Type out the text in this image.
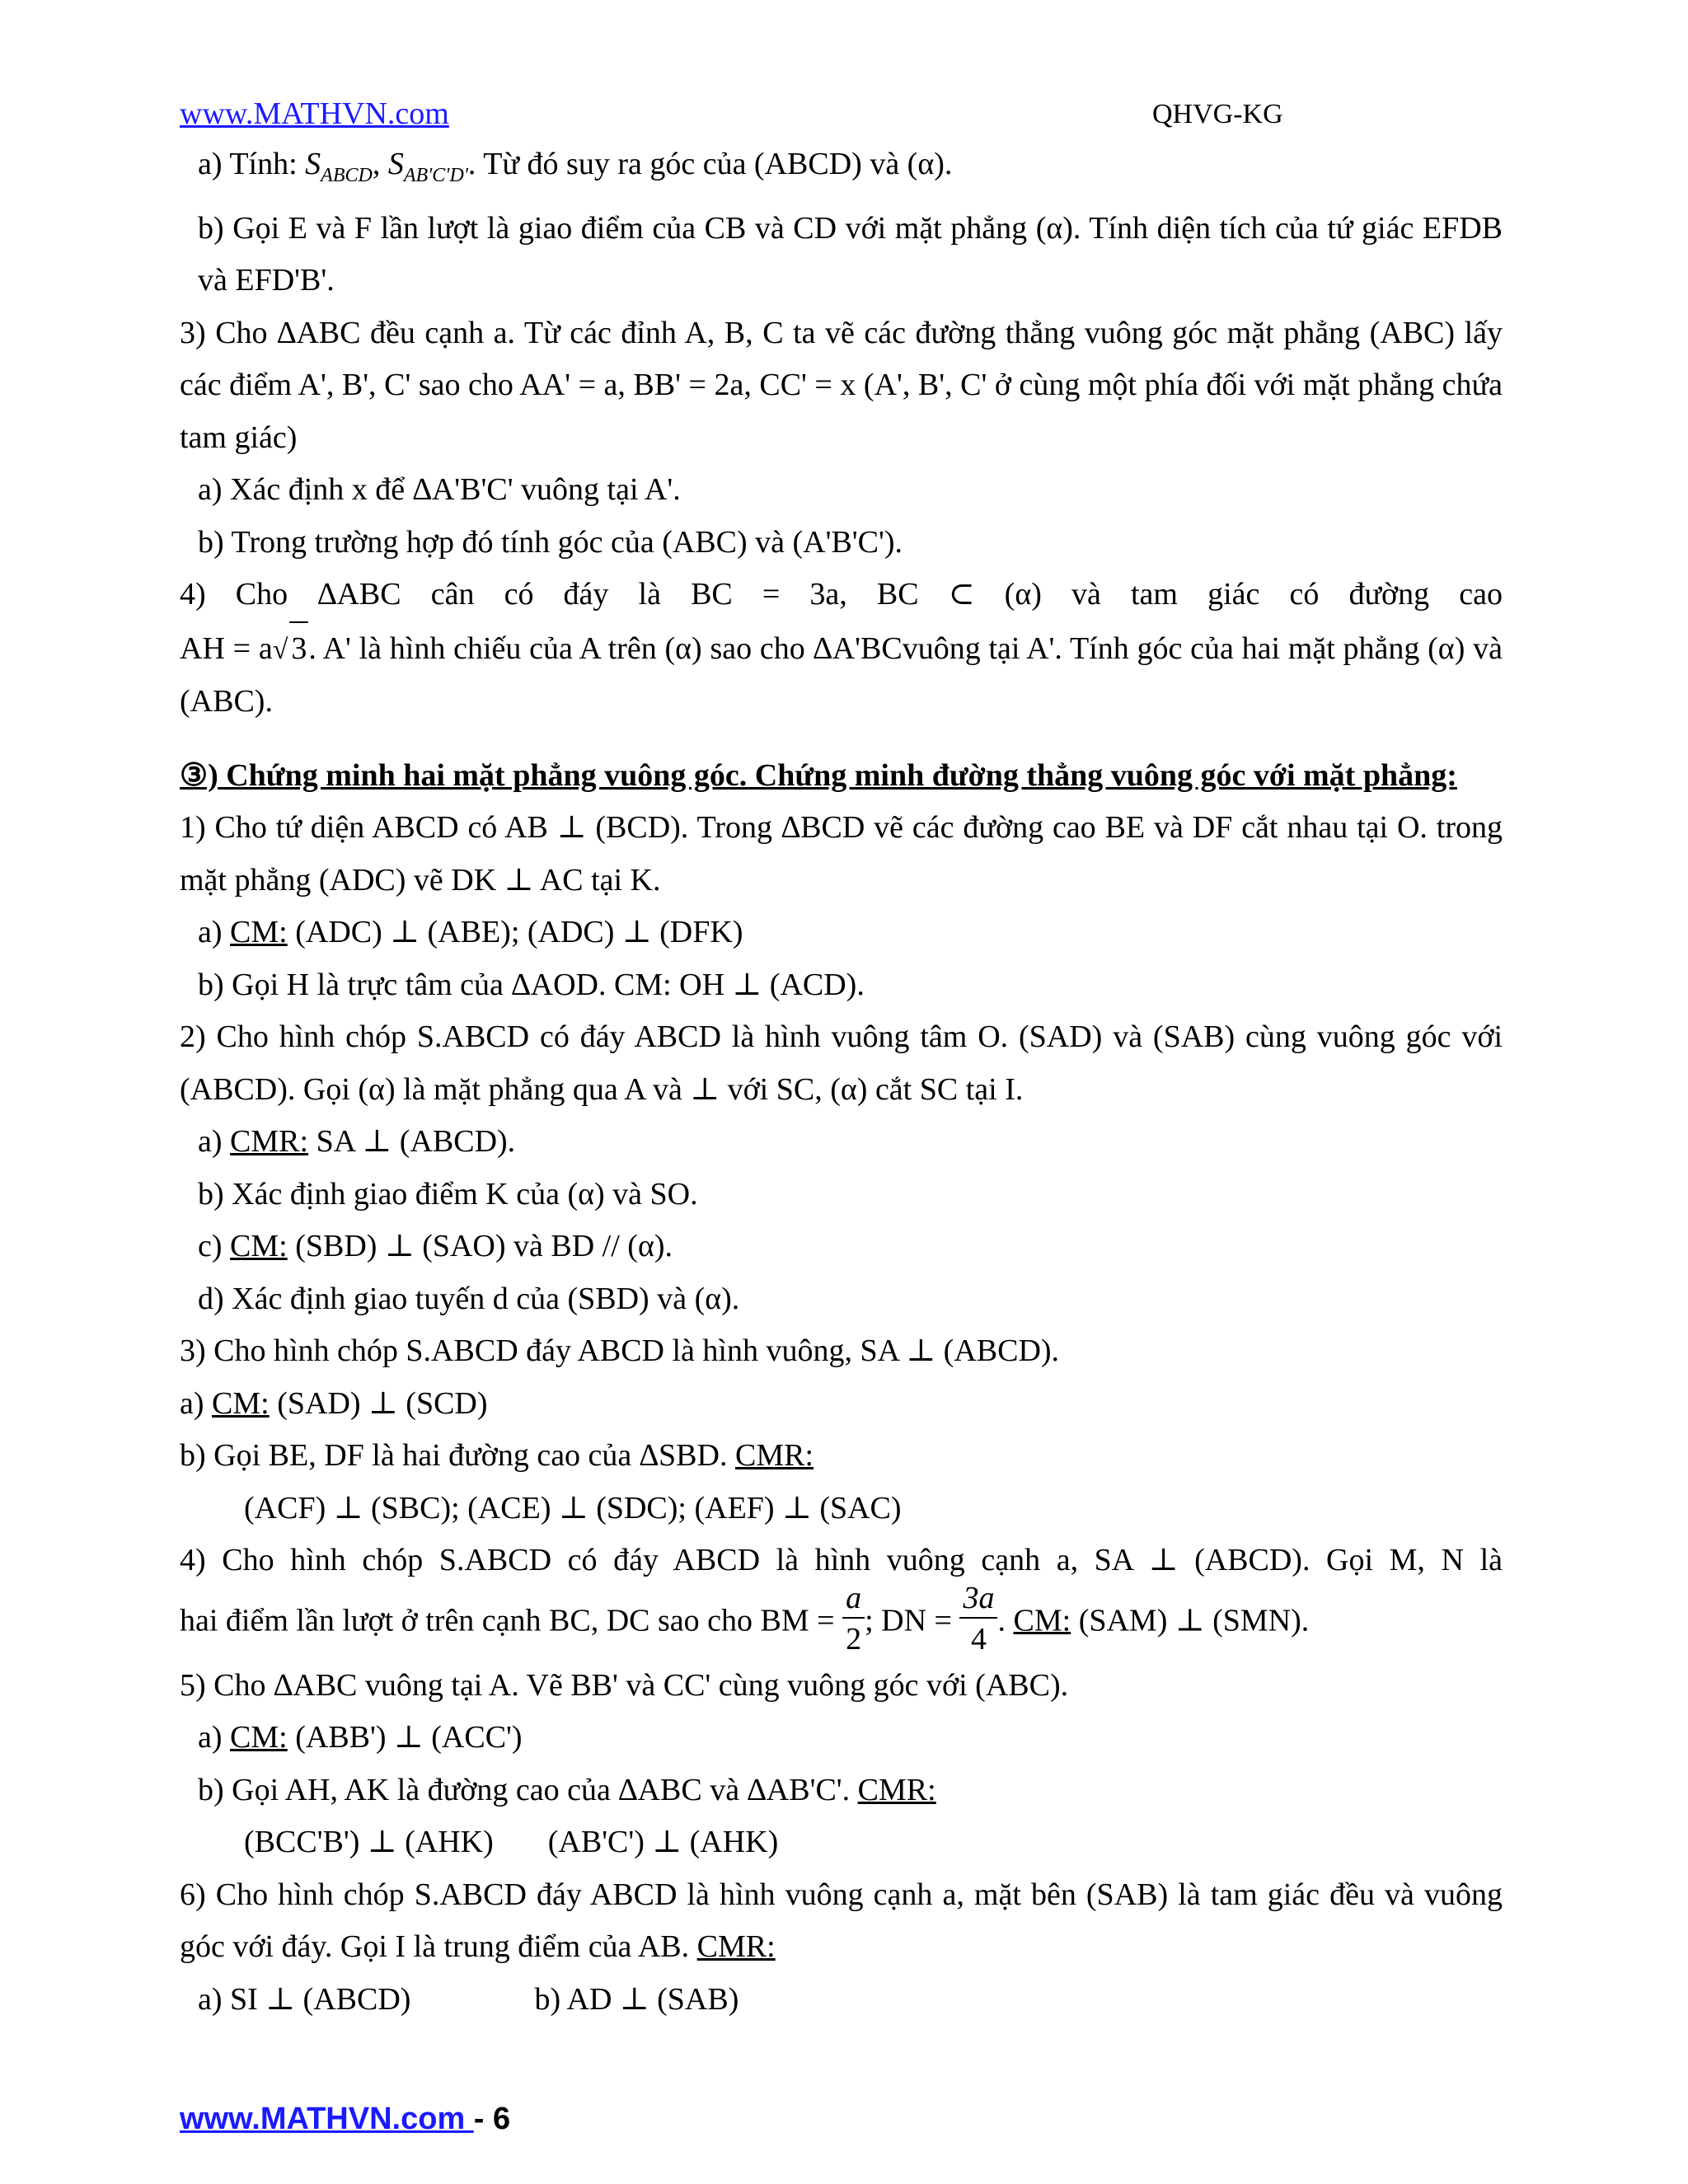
www.MATHVN.com	QHVG-KG

a) Tính: $S_{ABCD}$, $S_{AB'C'D'}$. Từ đó suy ra góc của (ABCD) và (α).

b) Gọi E và F lần lượt là giao điểm của CB và CD với mặt phẳng (α). Tính diện tích của tứ giác EFDB và EFD'B'.

3) Cho ∆ABC đều cạnh a. Từ các đỉnh A, B, C ta vẽ các đường thẳng vuông góc mặt phẳng (ABC) lấy các điểm A', B', C' sao cho AA' = a, BB' = 2a, CC' = x (A', B', C' ở cùng một phía đối với mặt phẳng chứa tam giác)

a) Xác định x để ∆A'B'C' vuông tại A'.

b) Trong trường hợp đó tính góc của (ABC) và (A'B'C').

4) Cho ∆ABC cân có đáy là BC = 3a, BC ⊂ (α) và tam giác có đường cao

AH = a√ 3. A' là hình chiếu của A trên (α) sao cho ∆A'BCvuông tại A'. Tính góc của hai mặt phẳng (α) và (ABC).

③) Chứng minh hai mặt phẳng vuông góc. Chứng minh đường thẳng vuông góc với mặt phẳng:

1) Cho tứ diện ABCD có AB ⊥ (BCD). Trong ∆BCD vẽ các đường cao BE và DF cắt nhau tại O. trong mặt phẳng (ADC) vẽ DK ⊥ AC tại K.

a) CM: (ADC) ⊥ (ABE); (ADC) ⊥ (DFK)

b) Gọi H là trực tâm của ∆AOD. CM: OH ⊥ (ACD).

2) Cho hình chóp S.ABCD có đáy ABCD là hình vuông tâm O. (SAD) và (SAB) cùng vuông góc với (ABCD). Gọi (α) là mặt phẳng qua A và ⊥ với SC, (α) cắt SC tại I.

a) CMR: SA ⊥ (ABCD).

b) Xác định giao điểm K của (α) và SO.

c) CM: (SBD) ⊥ (SAO) và BD // (α).

d) Xác định giao tuyến d của (SBD) và (α).

3) Cho hình chóp S.ABCD đáy ABCD là hình vuông, SA ⊥ (ABCD).

a) CM: (SAD) ⊥ (SCD)

b) Gọi BE, DF là hai đường cao của ∆SBD. CMR:

(ACF) ⊥ (SBC); (ACE) ⊥ (SDC); (AEF) ⊥ (SAC)

4) Cho hình chóp S.ABCD có đáy ABCD là hình vuông cạnh a, SA ⊥ (ABCD). Gọi M, N là

hai điểm lần lượt ở trên cạnh BC, DC sao cho BM = $\frac{a}{2}$ ; DN = $\frac{3a}{4}$ . CM: (SAM) ⊥ (SMN).

5) Cho ∆ABC vuông tại A. Vẽ BB' và CC' cùng vuông góc với (ABC).

a) CM: (ABB') ⊥ (ACC')

b) Gọi AH, AK là đường cao của ∆ABC và ∆AB'C'. CMR:

(BCC'B') ⊥ (AHK) (AB'C') ⊥ (AHK)

6) Cho hình chóp S.ABCD đáy ABCD là hình vuông cạnh a, mặt bên (SAB) là tam giác đều và vuông góc với đáy. Gọi I là trung điểm của AB. CMR:

a) SI ⊥ (ABCD)	b) AD ⊥ (SAB)

www.MATHVN.com - 6
